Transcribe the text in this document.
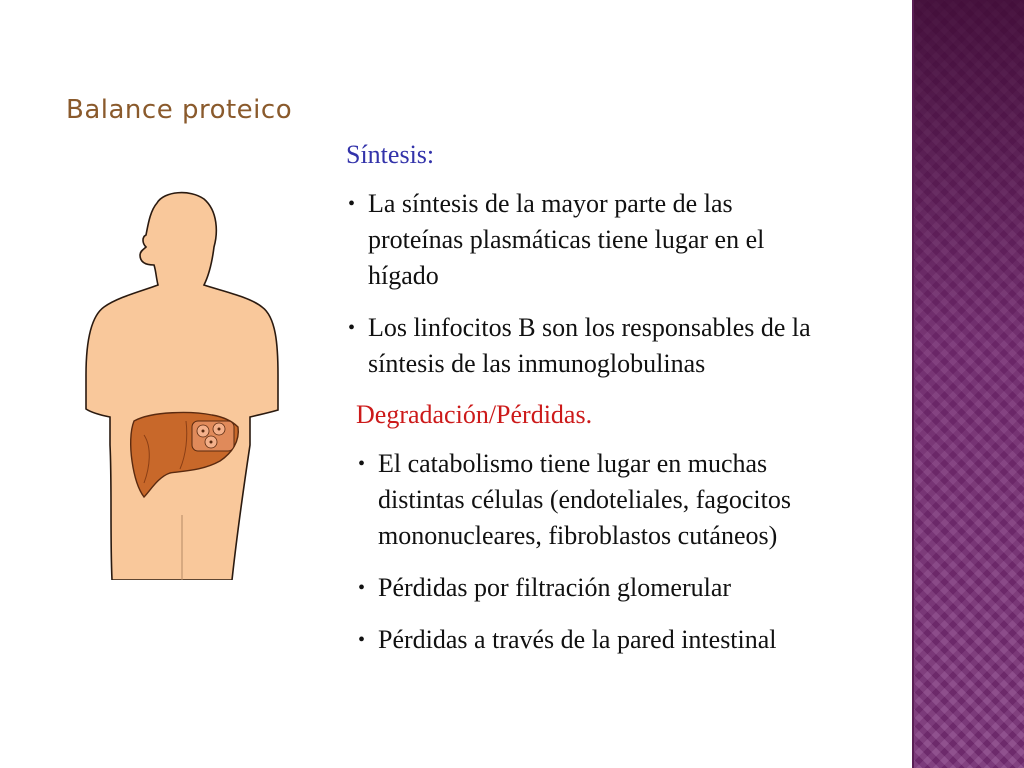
Balance proteico
Síntesis:
• La síntesis de la mayor parte de las proteínas plasmáticas tiene lugar en el hígado
• Los linfocitos B son los responsables de la síntesis de las inmunoglobulinas
Degradación/Pérdidas.
• El catabolismo tiene lugar en muchas distintas células (endoteliales, fagocitos mononucleares, fibroblastos cutáneos)
• Pérdidas por filtración glomerular
• Pérdidas a través de la pared intestinal
